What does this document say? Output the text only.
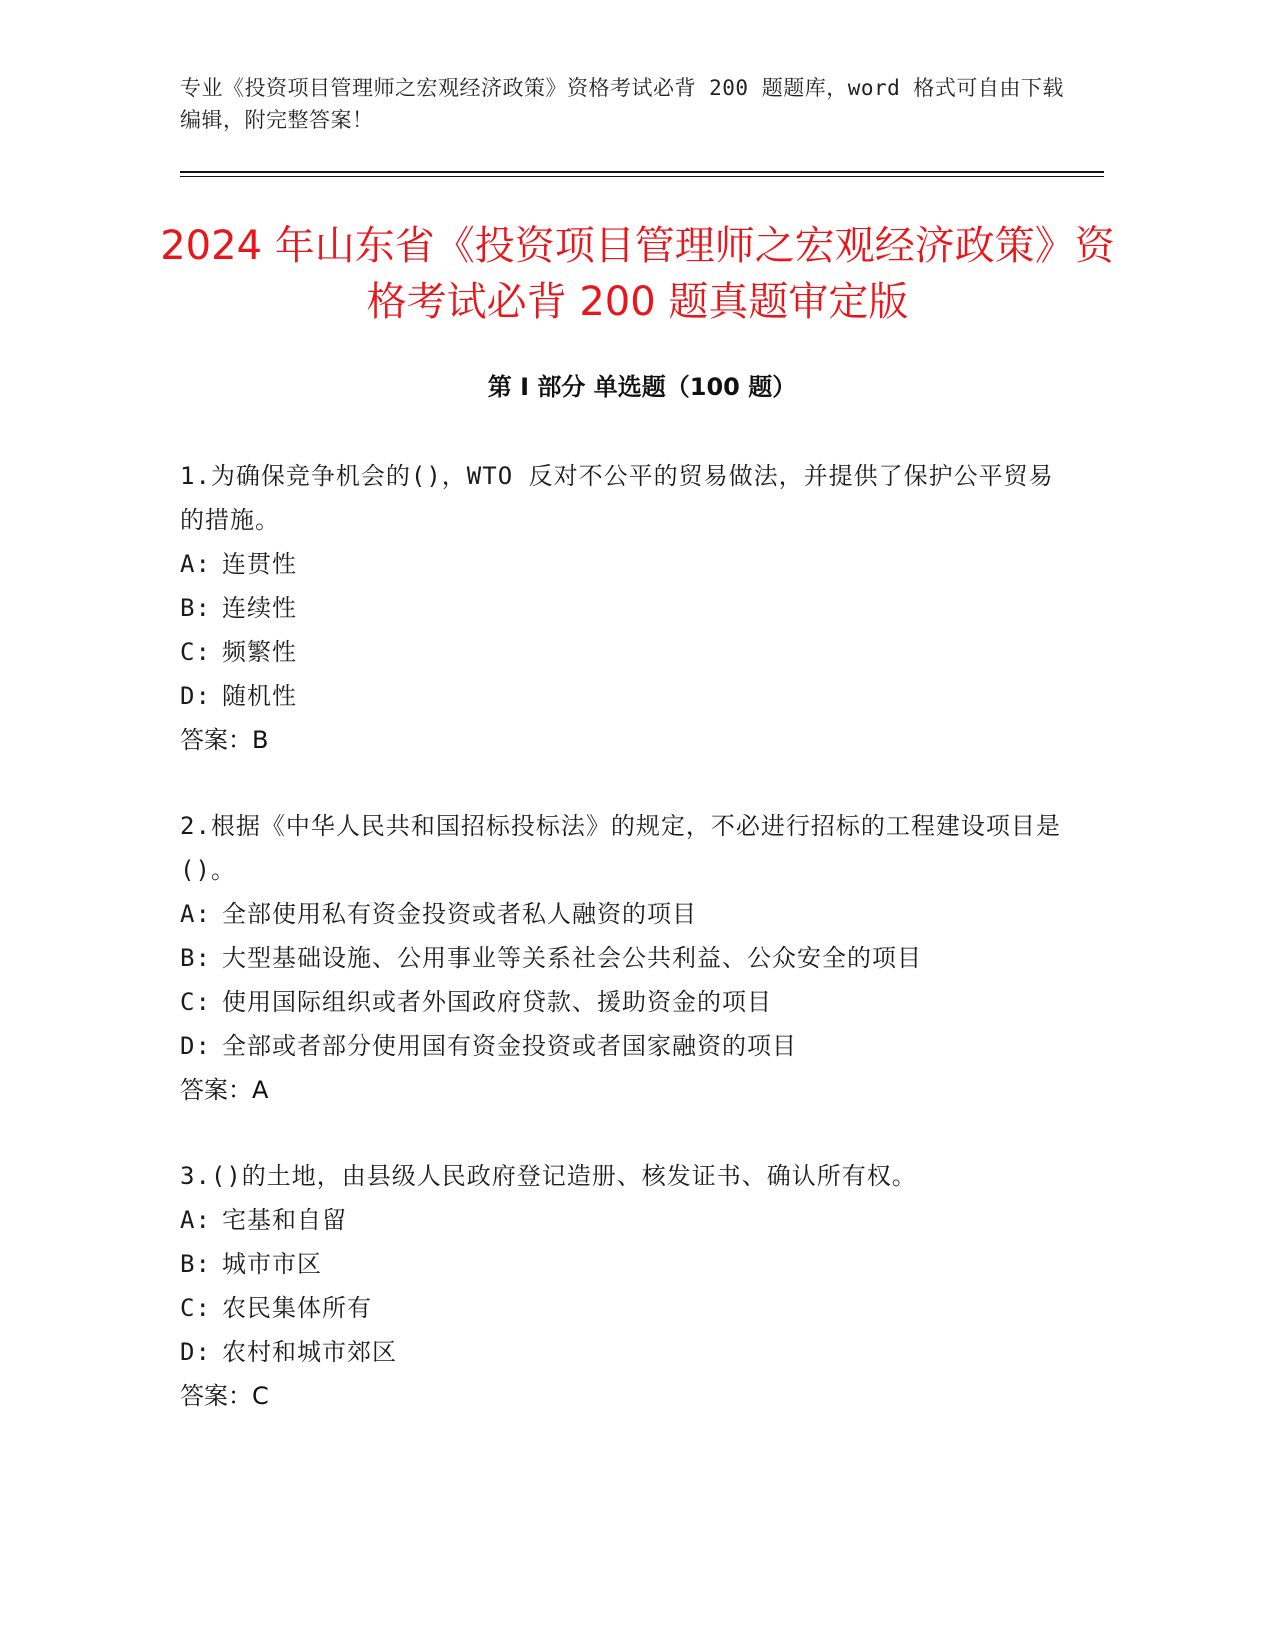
专业《投资项目管理师之宏观经济政策》资格考试必背 200 题题库，word 格式可自由下载编辑，附完整答案！
2024 年山东省《投资项目管理师之宏观经济政策》资格考试必背 200 题真题审定版
第 I 部分 单选题（100 题）
1.为确保竞争机会的()，WTO 反对不公平的贸易做法，并提供了保护公平贸易的措施。
A: 连贯性
B: 连续性
C: 频繁性
D: 随机性
答案：B
2.根据《中华人民共和国招标投标法》的规定，不必进行招标的工程建设项目是()。
A: 全部使用私有资金投资或者私人融资的项目
B: 大型基础设施、公用事业等关系社会公共利益、公众安全的项目
C: 使用国际组织或者外国政府贷款、援助资金的项目
D: 全部或者部分使用国有资金投资或者国家融资的项目
答案：A
3.()的土地，由县级人民政府登记造册、核发证书、确认所有权。
A: 宅基和自留
B: 城市市区
C: 农民集体所有
D: 农村和城市郊区
答案：C
